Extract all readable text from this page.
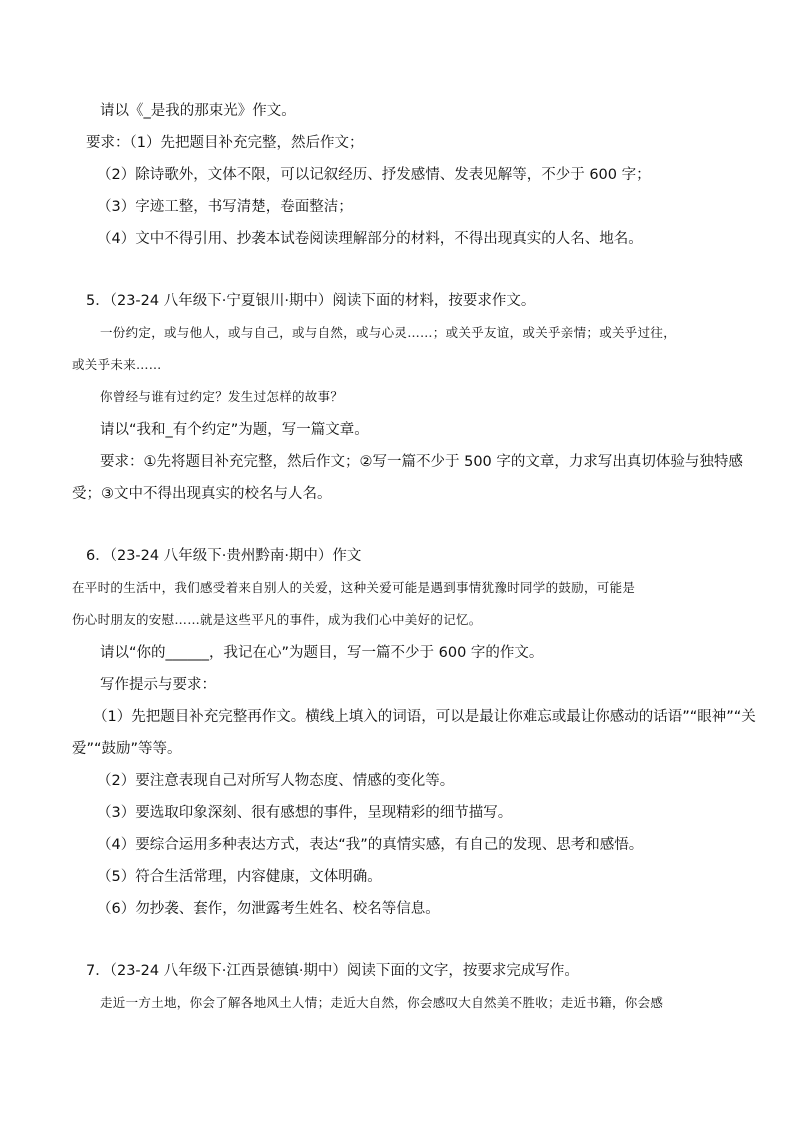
请以《_是我的那束光》作文。
要求：（1）先把题目补充完整，然后作文；
（2）除诗歌外，文体不限，可以记叙经历、抒发感情、发表见解等，不少于 600 字；
（3）字迹工整，书写清楚，卷面整洁；
（4）文中不得引用、抄袭本试卷阅读理解部分的材料，不得出现真实的人名、地名。
5．（23-24 八年级下·宁夏银川·期中）阅读下面的材料，按要求作文。
一份约定，或与他人，或与自己，或与自然，或与心灵……；或关乎友谊，或关乎亲情；或关乎过往，
或关乎未来……
你曾经与谁有过约定？发生过怎样的故事？
请以“我和_有个约定”为题，写一篇文章。
要求：①先将题目补充完整，然后作文；②写一篇不少于 500 字的文章，力求写出真切体验与独特感
受；③文中不得出现真实的校名与人名。
6．（23-24 八年级下·贵州黔南·期中）作文
在平时的生活中，我们感受着来自别人的关爱，这种关爱可能是遇到事情犹豫时同学的鼓励，可能是
伤心时朋友的安慰……就是这些平凡的事件，成为我们心中美好的记忆。
请以“你的______，我记在心”为题目，写一篇不少于 600 字的作文。
写作提示与要求：
（1）先把题目补充完整再作文。横线上填入的词语，可以是最让你难忘或最让你感动的话语”“眼神”“关
爱”“鼓励”等等。
（2）要注意表现自己对所写人物态度、情感的变化等。
（3）要选取印象深刻、很有感想的事件，呈现精彩的细节描写。
（4）要综合运用多种表达方式，表达“我”的真情实感，有自己的发现、思考和感悟。
（5）符合生活常理，内容健康，文体明确。
（6）勿抄袭、套作，勿泄露考生姓名、校名等信息。
7．（23-24 八年级下·江西景德镇·期中）阅读下面的文字，按要求完成写作。
走近一方土地，你会了解各地风土人情；走近大自然，你会感叹大自然美不胜收；走近书籍，你会感
